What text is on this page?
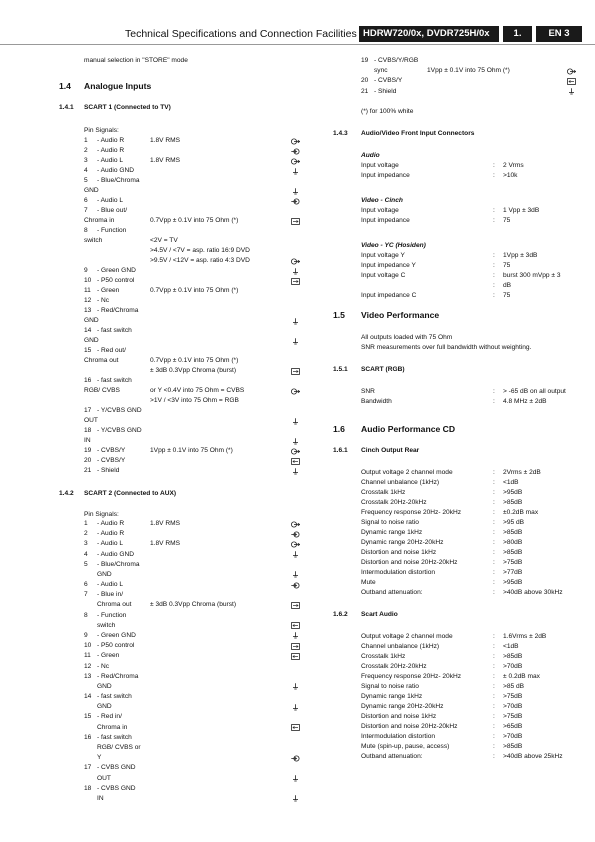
Technical Specifications and Connection Facilities HDRW720/0x, DVDR725H/0x	1.	EN 3
manual selection in "STORE" mode
1.4 Analogue Inputs
1.4.1 SCART 1 (Connected to TV)
Pin Signals:
1 - Audio R	1.8V RMS
2 - Audio R
3 - Audio L	1.8V RMS
4 - Audio GND
5 - Blue/Chroma
GND
6 - Audio L
7 - Blue out/
Chroma in	0.7Vpp ± 0.1V into 75 Ohm (*)
8 - Function
switch	<2V = TV
>4.5V / <7V = asp. ratio 16:9 DVD
>9.5V / <12V = asp. ratio 4:3 DVD
9 - Green GND
10 - P50 control
11 - Green	0.7Vpp ± 0.1V into 75 Ohm (*)
12 - Nc
13 - Red/Chroma
GND
14 - fast switch
GND
15 - Red out/
Chroma out	0.7Vpp ± 0.1V into 75 Ohm (*)
± 3dB 0.3Vpp Chroma (burst)
16 - fast switch
RGB/ CVBS	or Y <0.4V into 75 Ohm = CVBS
>1V / <3V into 75 Ohm = RGB
17 - Y/CVBS GND
OUT
18 - Y/CVBS GND
IN
19 - CVBS/Y	1Vpp ± 0.1V into 75 Ohm (*)
20 - CVBS/Y
21 - Shield
1.4.2 SCART 2 (Connected to AUX)
Pin Signals:
1 - Audio R	1.8V RMS
2 - Audio R
3 - Audio L	1.8V RMS
4 - Audio GND
5 - Blue/Chroma
GND
6 - Audio L
7 - Blue in/
Chroma out	± 3dB 0.3Vpp Chroma (burst)
8 - Function
switch
9 - Green GND
10 - P50 control
11 - Green
12 - Nc
13 - Red/Chroma
GND
14 - fast switch
GND
15 - Red in/
Chroma in
16 - fast switch
RGB/ CVBS or
Y
17 - CVBS GND
OUT
18 - CVBS GND
IN
19 - CVBS/Y/RGB
sync	1Vpp ± 0.1V into 75 Ohm (*)
20 - CVBS/Y
21 - Shield
(*) for 100% white
1.4.3 Audio/Video Front Input Connectors
Audio
Input voltage	: 2 Vrms
Input impedance	: >10k
Video - Cinch
Input voltage	: 1 Vpp ± 3dB
Input impedance	: 75
Video - YC (Hosiden)
Input voltage Y	: 1Vpp ± 3dB
Input impedance Y	: 75
Input voltage C	: burst 300 mVpp ± 3
: dB
Input impedance C	: 75
1.5 Video Performance
All outputs loaded with 75 Ohm
SNR measurements over full bandwidth without weighting.
1.5.1 SCART (RGB)
SNR	: > -65 dB on all output
Bandwidth	: 4.8 MHz ± 2dB
1.6 Audio Performance CD
1.6.1 Cinch Output Rear
Output voltage 2 channel mode	: 2Vrms ± 2dB
Channel unbalance (1kHz)	: <1dB
Crosstalk 1kHz	: >95dB
Crosstalk 20Hz-20kHz	: >85dB
Frequency response 20Hz- 20kHz	: ±0.2dB max
Signal to noise ratio	: >95 dB
Dynamic range 1kHz	: >85dB
Dynamic range 20Hz-20kHz	: >80dB
Distortion and noise 1kHz	: >85dB
Distortion and noise 20Hz-20kHz	: >75dB
Intermodulation distortion	: >77dB
Mute	: >95dB
Outband attenuation:	: >40dB above 30kHz
1.6.2 Scart Audio
Output voltage 2 channel mode	: 1.6Vrms ± 2dB
Channel unbalance (1kHz)	: <1dB
Crosstalk 1kHz	: >85dB
Crosstalk 20Hz-20kHz	: >70dB
Frequency response 20Hz- 20kHz	: ± 0.2dB max
Signal to noise ratio	: >85 dB
Dynamic range 1kHz	: >75dB
Dynamic range 20Hz-20kHz	: >70dB
Distortion and noise 1kHz	: >75dB
Distortion and noise 20Hz-20kHz	: >65dB
Intermodulation distortion	: >70dB
Mute (spin-up, pause, access)	: >85dB
Outband attenuation:	: >40dB above 25kHz
